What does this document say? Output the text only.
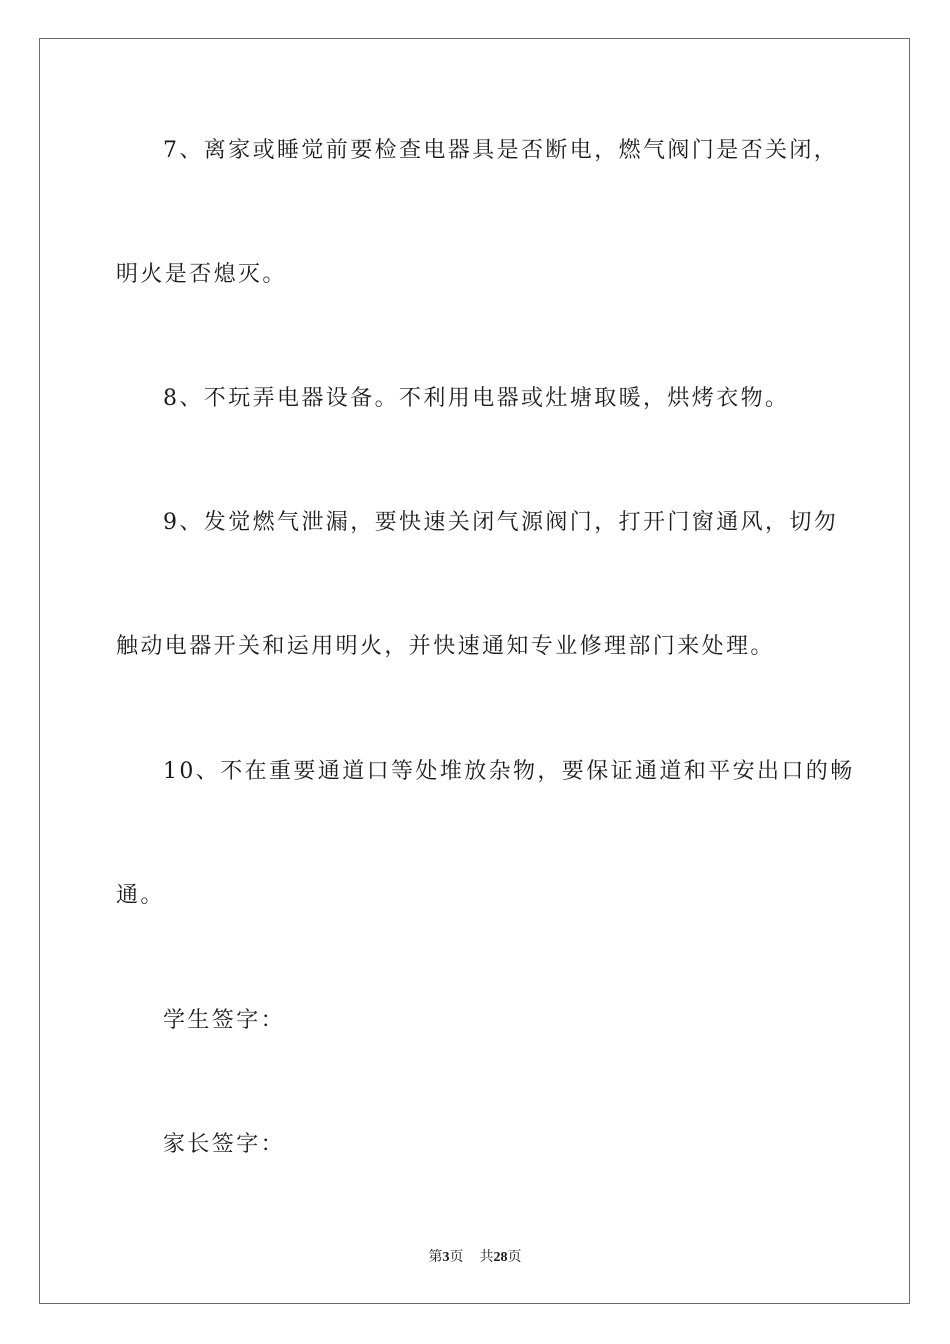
7、离家或睡觉前要检查电器具是否断电，燃气阀门是否关闭，
明火是否熄灭。
8、不玩弄电器设备。不利用电器或灶塘取暖，烘烤衣物。
9、发觉燃气泄漏，要快速关闭气源阀门，打开门窗通风，切勿
触动电器开关和运用明火，并快速通知专业修理部门来处理。
10、不在重要通道口等处堆放杂物，要保证通道和平安出口的畅
通。
学生签字：
家长签字：
第3页 共28页
